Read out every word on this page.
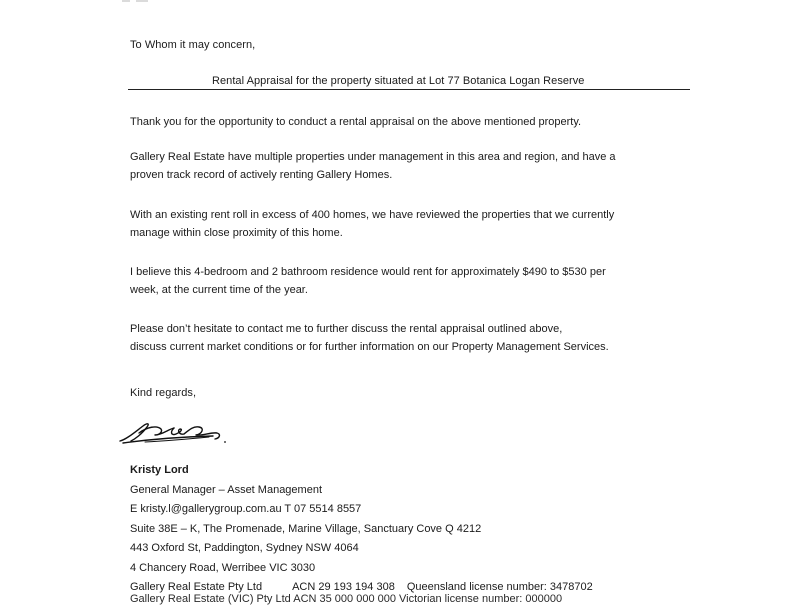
To Whom it may concern,
Rental Appraisal for the property situated at Lot 77 Botanica Logan Reserve
Thank you for the opportunity to conduct a rental appraisal on the above mentioned property.
Gallery Real Estate have multiple properties under management in this area and region, and have a
proven track record of actively renting Gallery Homes.
With an existing rent roll in excess of 400 homes, we have reviewed the properties that we currently
manage within close proximity of this home.
I believe this 4-bedroom and 2 bathroom residence would rent for approximately $490 to $530 per
week, at the current time of the year.
Please don’t hesitate to contact me to further discuss the rental appraisal outlined above,
discuss current market conditions or for further information on our Property Management Services.
Kind regards,
Kristy Lord
General Manager – Asset Management
E kristy.l@gallerygroup.com.au T 07 5514 8557
Suite 38E – K, The Promenade, Marine Village, Sanctuary Cove Q 4212
443 Oxford St, Paddington, Sydney NSW 4064
4 Chancery Road, Werribee VIC 3030
Gallery Real Estate Pty Ltd	ACN 29 193 194 308 Queensland license number: 3478702
Gallery Real Estate (VIC) Pty Ltd ACN 35 000 000 000 Victorian license number: 000000
